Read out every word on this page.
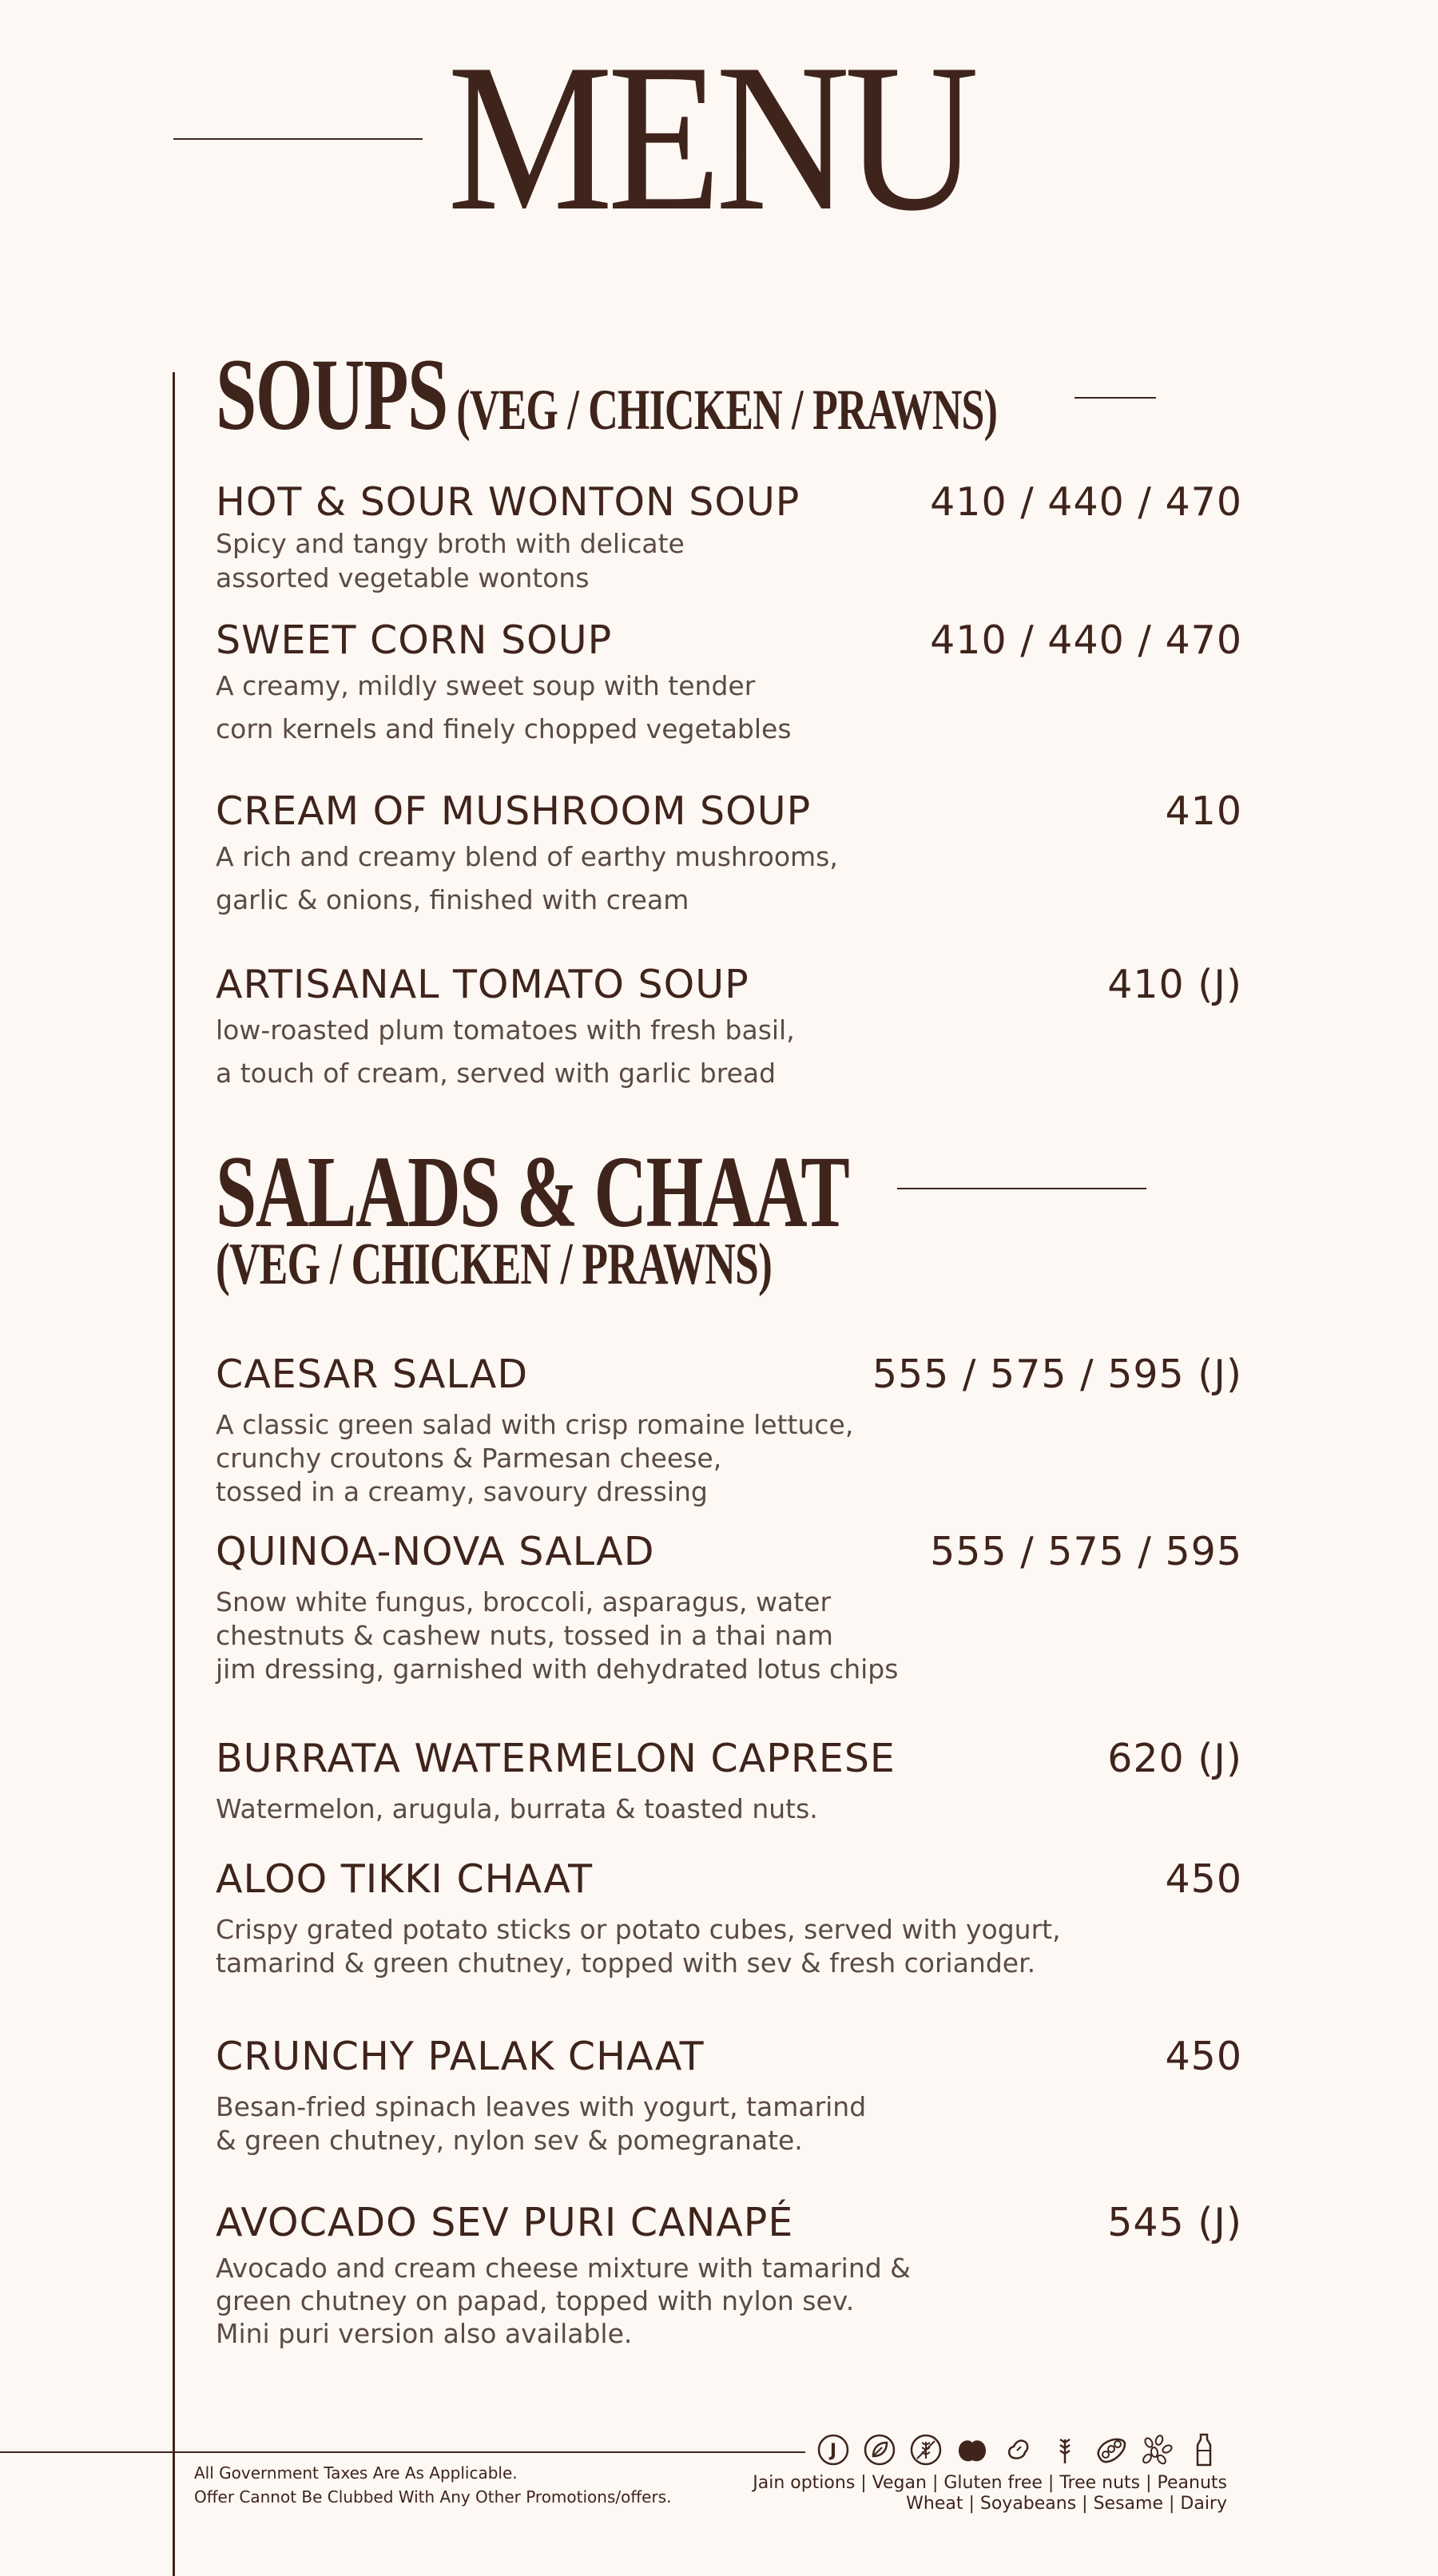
MENU
SOUPS (VEG / CHICKEN / PRAWNS)
HOT & SOUR WONTON SOUP	410 / 440 / 470
Spicy and tangy broth with delicate
assorted vegetable wontons
SWEET CORN SOUP	410 / 440 / 470
A creamy, mildly sweet soup with tender
corn kernels and finely chopped vegetables
CREAM OF MUSHROOM SOUP	410
A rich and creamy blend of earthy mushrooms,
garlic & onions, finished with cream
ARTISANAL TOMATO SOUP	410 (J)
low-roasted plum tomatoes with fresh basil,
a touch of cream, served with garlic bread
SALADS & CHAAT
(VEG / CHICKEN / PRAWNS)
CAESAR SALAD	555 / 575 / 595 (J)
A classic green salad with crisp romaine lettuce,
crunchy croutons & Parmesan cheese,
tossed in a creamy, savoury dressing
QUINOA-NOVA SALAD	555 / 575 / 595
Snow white fungus, broccoli, asparagus, water
chestnuts & cashew nuts, tossed in a thai nam
jim dressing, garnished with dehydrated lotus chips
BURRATA WATERMELON CAPRESE	620 (J)
Watermelon, arugula, burrata & toasted nuts.
ALOO TIKKI CHAAT	450
Crispy grated potato sticks or potato cubes, served with yogurt,
tamarind & green chutney, topped with sev & fresh coriander.
CRUNCHY PALAK CHAAT	450
Besan-fried spinach leaves with yogurt, tamarind
& green chutney, nylon sev & pomegranate.
AVOCADO SEV PURI CANAPÉ	545 (J)
Avocado and cream cheese mixture with tamarind &
green chutney on papad, topped with nylon sev.
Mini puri version also available.
All Government Taxes Are As Applicable.
Offer Cannot Be Clubbed With Any Other Promotions/offers.
J
Jain options | Vegan | Gluten free | Tree nuts | Peanuts
Wheat | Soyabeans | Sesame | Dairy
